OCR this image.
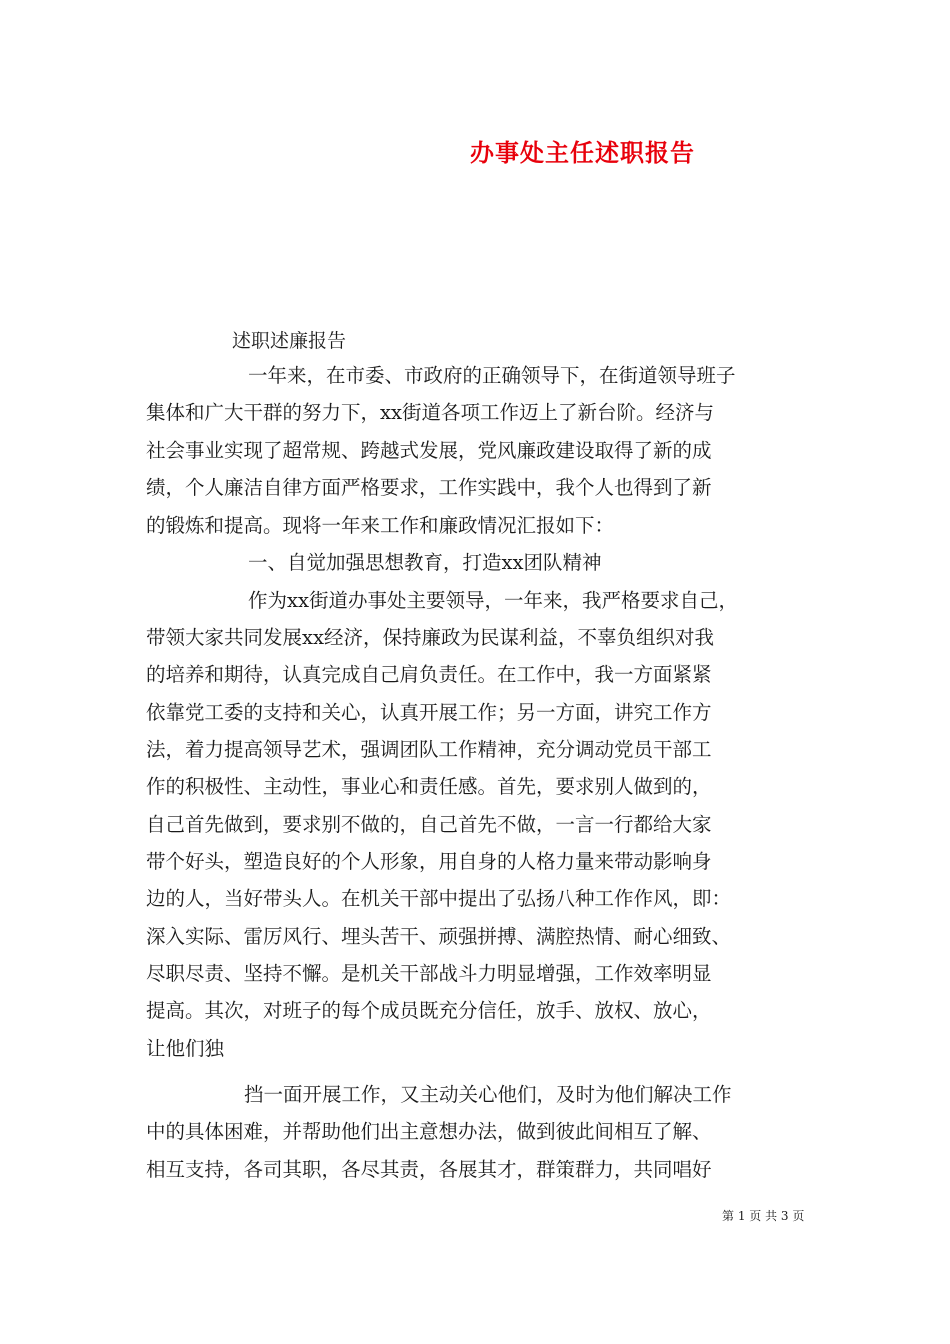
办事处主任述职报告
述职述廉报告
一年来，在市委、市政府的正确领导下，在街道领导班子
集体和广大干群的努力下，xx街道各项工作迈上了新台阶。经济与
社会事业实现了超常规、跨越式发展，党风廉政建设取得了新的成
绩，个人廉洁自律方面严格要求，工作实践中，我个人也得到了新
的锻炼和提高。现将一年来工作和廉政情况汇报如下：
一、自觉加强思想教育，打造xx团队精神
作为xx街道办事处主要领导，一年来，我严格要求自己，
带领大家共同发展xx经济，保持廉政为民谋利益，不辜负组织对我
的培养和期待，认真完成自己肩负责任。在工作中，我一方面紧紧
依靠党工委的支持和关心，认真开展工作；另一方面，讲究工作方
法，着力提高领导艺术，强调团队工作精神，充分调动党员干部工
作的积极性、主动性，事业心和责任感。首先，要求别人做到的，
自己首先做到，要求别不做的，自己首先不做，一言一行都给大家
带个好头，塑造良好的个人形象，用自身的人格力量来带动影响身
边的人，当好带头人。在机关干部中提出了弘扬八种工作作风，即：
深入实际、雷厉风行、埋头苦干、顽强拼搏、满腔热情、耐心细致、
尽职尽责、坚持不懈。是机关干部战斗力明显增强，工作效率明显
提高。其次，对班子的每个成员既充分信任，放手、放权、放心，
让他们独
挡一面开展工作，又主动关心他们，及时为他们解决工作
中的具体困难，并帮助他们出主意想办法，做到彼此间相互了解、
相互支持，各司其职，各尽其责，各展其才，群策群力，共同唱好
第 1 页 共 3 页
